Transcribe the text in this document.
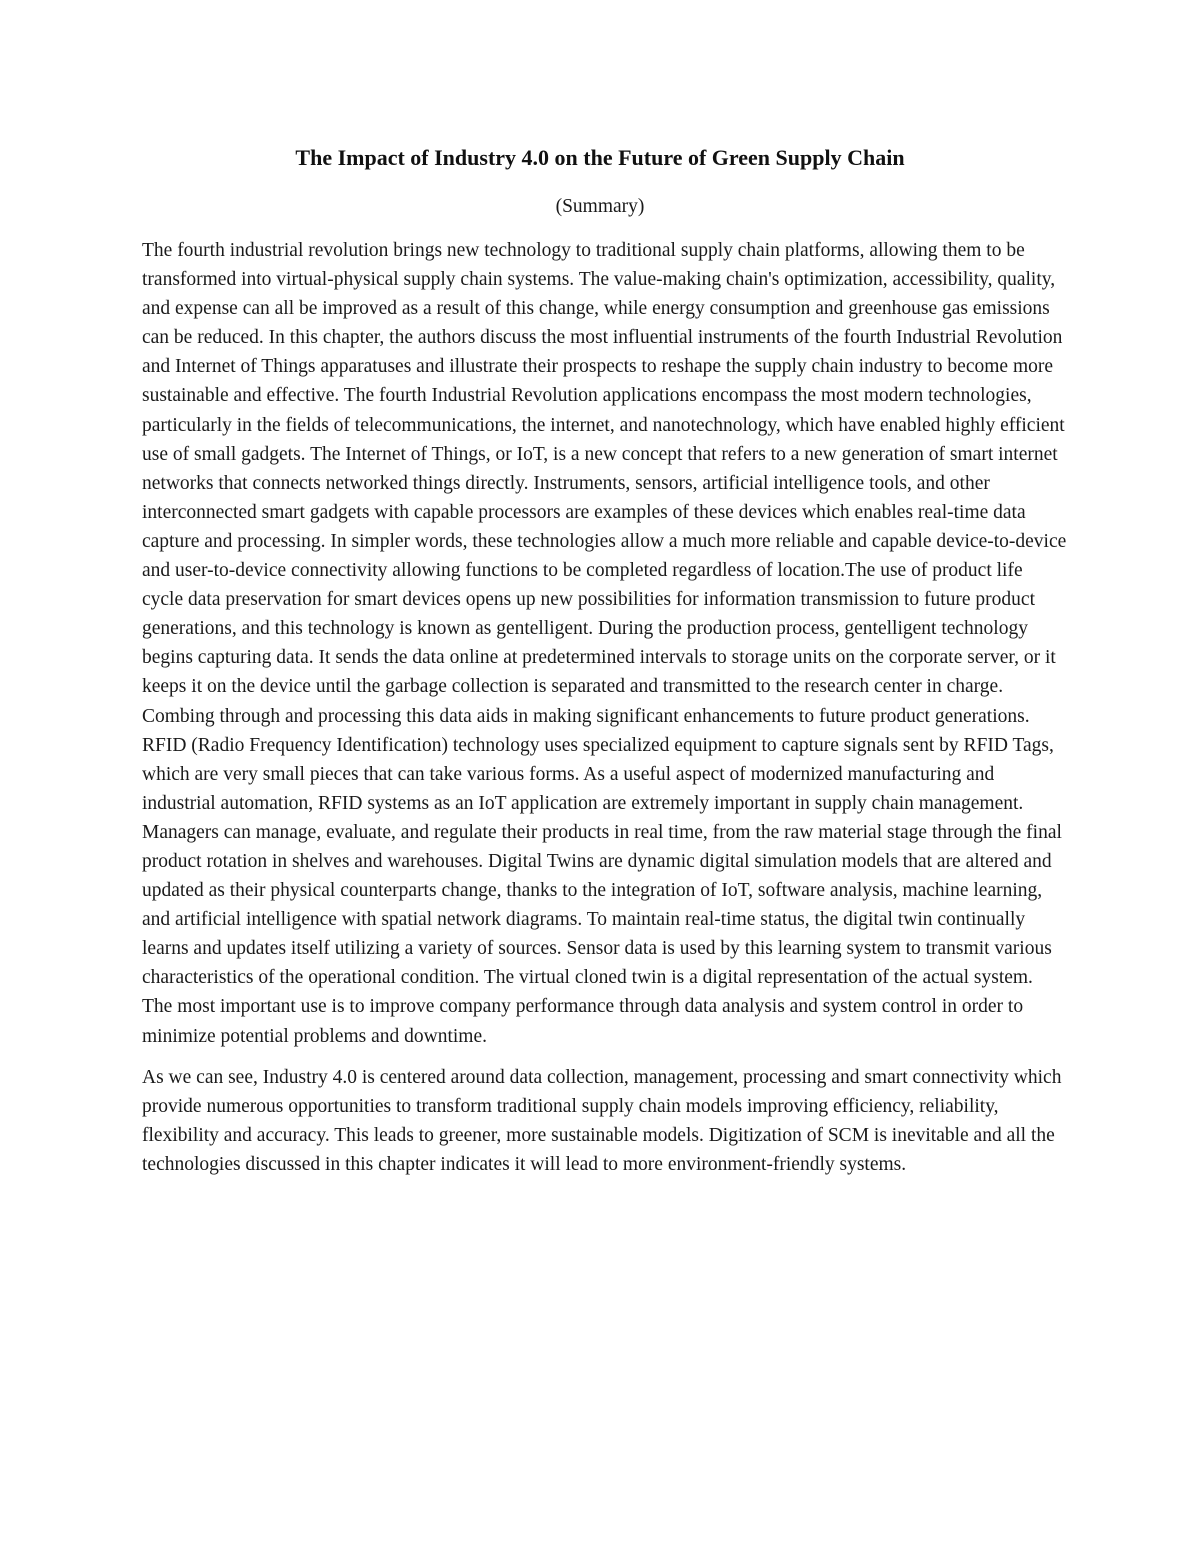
The Impact of Industry 4.0 on the Future of Green Supply Chain

(Summary)

The fourth industrial revolution brings new technology to traditional supply chain platforms, allowing them to be transformed into virtual-physical supply chain systems. The value-making chain's optimization, accessibility, quality, and expense can all be improved as a result of this change, while energy consumption and greenhouse gas emissions can be reduced. In this chapter, the authors discuss the most influential instruments of the fourth Industrial Revolution and Internet of Things apparatuses and illustrate their prospects to reshape the supply chain industry to become more sustainable and effective. The fourth Industrial Revolution applications encompass the most modern technologies, particularly in the fields of telecommunications, the internet, and nanotechnology, which have enabled highly efficient use of small gadgets. The Internet of Things, or IoT, is a new concept that refers to a new generation of smart internet networks that connects networked things directly. Instruments, sensors, artificial intelligence tools, and other interconnected smart gadgets with capable processors are examples of these devices which enables real-time data capture and processing. In simpler words, these technologies allow a much more reliable and capable device-to-device and user-to-device connectivity allowing functions to be completed regardless of location.The use of product life cycle data preservation for smart devices opens up new possibilities for information transmission to future product generations, and this technology is known as gentelligent. During the production process, gentelligent technology begins capturing data. It sends the data online at predetermined intervals to storage units on the corporate server, or it keeps it on the device until the garbage collection is separated and transmitted to the research center in charge. Combing through and processing this data aids in making significant enhancements to future product generations. RFID (Radio Frequency Identification) technology uses specialized equipment to capture signals sent by RFID Tags, which are very small pieces that can take various forms. As a useful aspect of modernized manufacturing and industrial automation, RFID systems as an IoT application are extremely important in supply chain management. Managers can manage, evaluate, and regulate their products in real time, from the raw material stage through the final product rotation in shelves and warehouses. Digital Twins are dynamic digital simulation models that are altered and updated as their physical counterparts change, thanks to the integration of IoT, software analysis, machine learning, and artificial intelligence with spatial network diagrams. To maintain real-time status, the digital twin continually learns and updates itself utilizing a variety of sources. Sensor data is used by this learning system to transmit various characteristics of the operational condition. The virtual cloned twin is a digital representation of the actual system. The most important use is to improve company performance through data analysis and system control in order to minimize potential problems and downtime.

As we can see, Industry 4.0 is centered around data collection, management, processing and smart connectivity which provide numerous opportunities to transform traditional supply chain models improving efficiency, reliability, flexibility and accuracy. This leads to greener, more sustainable models. Digitization of SCM is inevitable and all the technologies discussed in this chapter indicates it will lead to more environment-friendly systems.
